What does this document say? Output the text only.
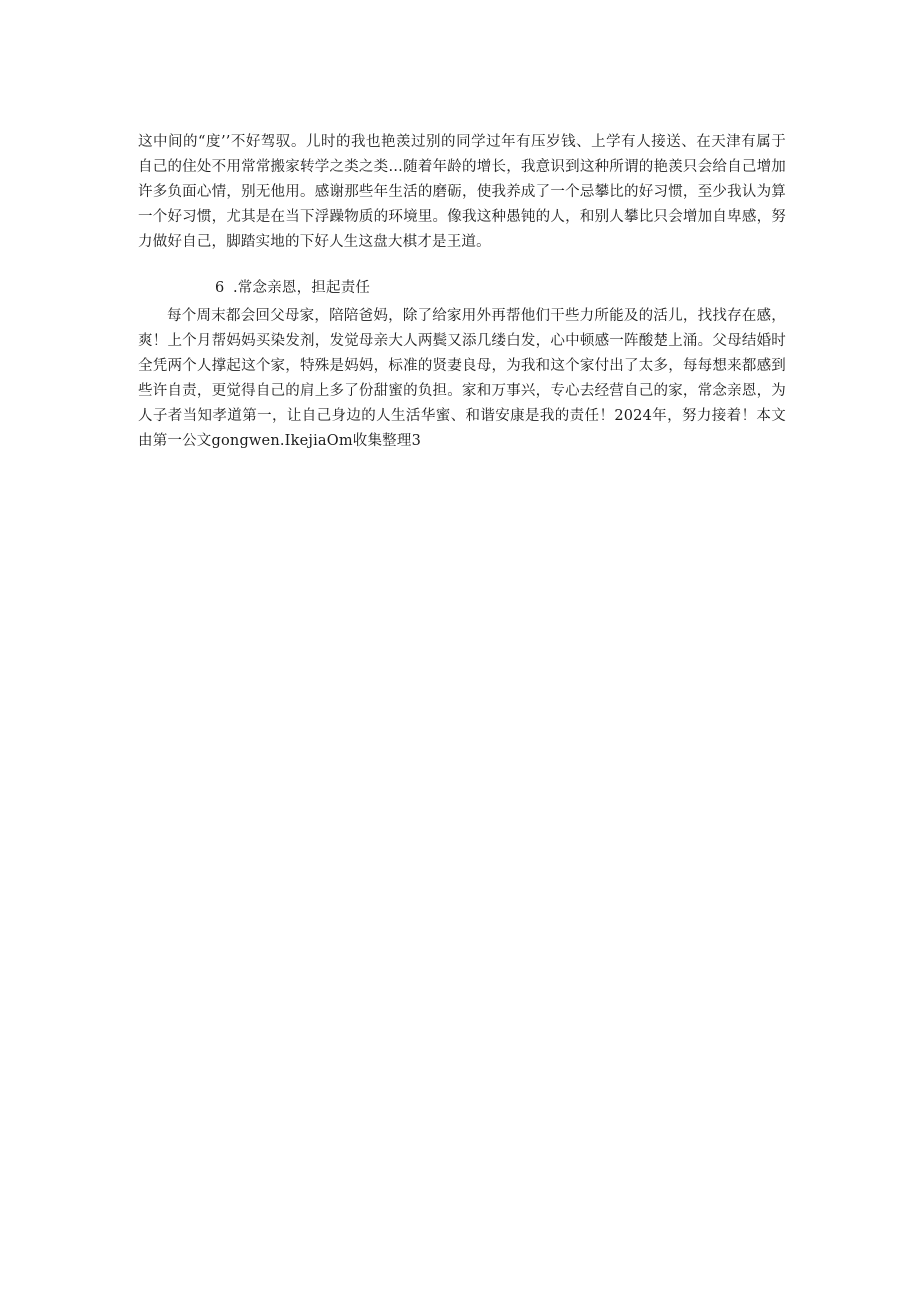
这中间的“度’’不好驾驭。儿时的我也艳羡过别的同学过年有压岁钱、上学有人接送、在天津有属于自己的住处不用常常搬家转学之类之类…随着年龄的增长，我意识到这种所谓的艳羡只会给自己增加许多负面心情，别无他用。感谢那些年生活的磨砺，使我养成了一个忌攀比的好习惯，至少我认为算一个好习惯，尤其是在当下浮躁物质的环境里。像我这种愚钝的人，和别人攀比只会增加自卑感，努力做好自己，脚踏实地的下好人生这盘大棋才是王道。

6 .常念亲恩，担起责任

每个周末都会回父母家，陪陪爸妈，除了给家用外再帮他们干些力所能及的活儿，找找存在感，爽！上个月帮妈妈买染发剂，发觉母亲大人两鬓又添几缕白发，心中顿感一阵酸楚上涌。父母结婚时全凭两个人撑起这个家，特殊是妈妈，标准的贤妻良母，为我和这个家付出了太多，每每想来都感到些许自责，更觉得自己的肩上多了份甜蜜的负担。家和万事兴，专心去经营自己的家，常念亲恩，为人子者当知孝道第一，让自己身边的人生活华蜜、和谐安康是我的责任！2024年，努力接着！本文由第一公文gongwen.IkejiaOm收集整理3
